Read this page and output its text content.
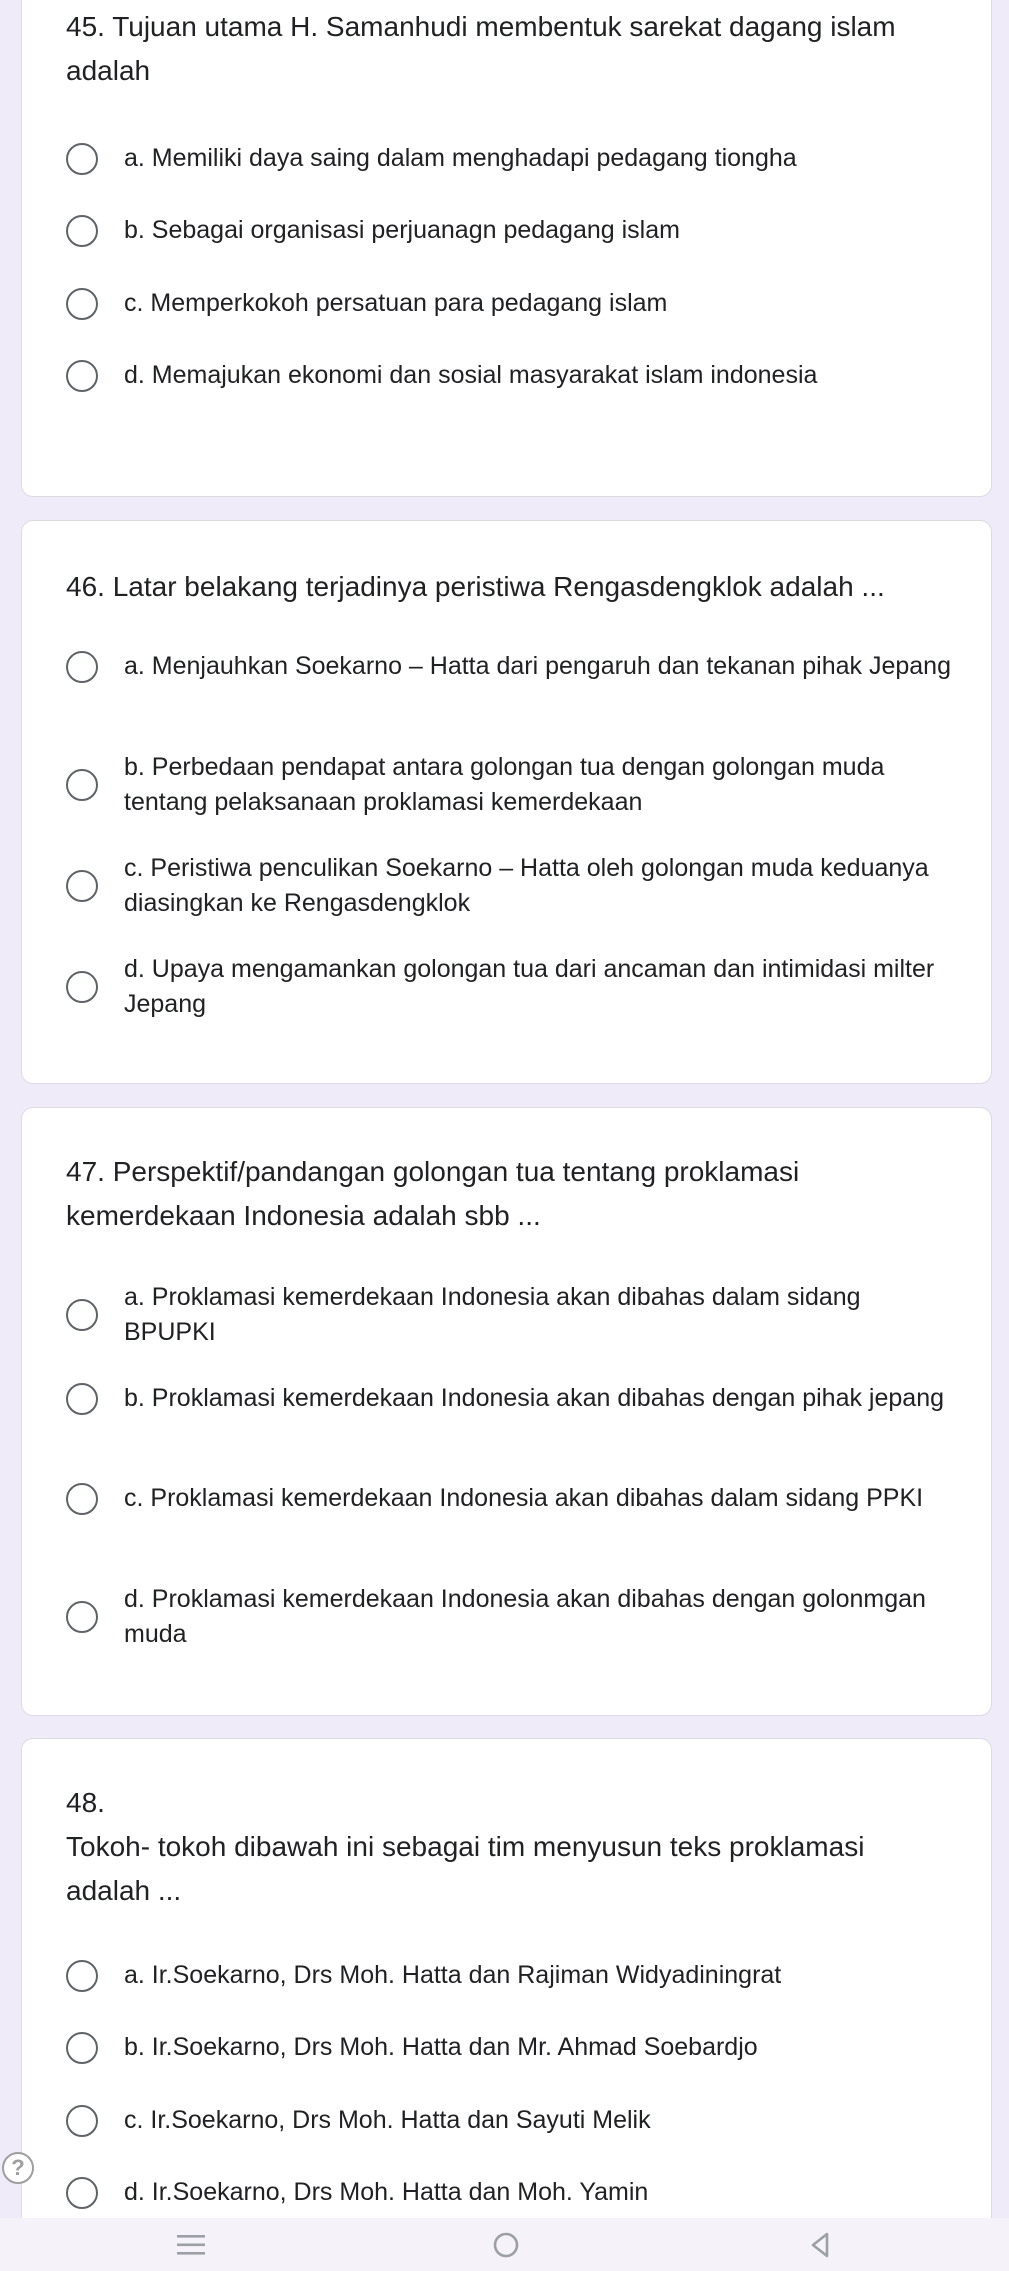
45. Tujuan utama H. Samanhudi membentuk sarekat dagang islam adalah
a. Memiliki daya saing dalam menghadapi pedagang tiongha
b. Sebagai organisasi perjuanagn pedagang islam
c. Memperkokoh persatuan para pedagang islam
d. Memajukan ekonomi dan sosial masyarakat islam indonesia
46. Latar belakang terjadinya peristiwa Rengasdengklok adalah ...
a. Menjauhkan Soekarno – Hatta dari pengaruh dan tekanan pihak Jepang
b. Perbedaan pendapat antara golongan tua dengan golongan muda tentang pelaksanaan proklamasi kemerdekaan
c. Peristiwa penculikan Soekarno – Hatta oleh golongan muda keduanya diasingkan ke Rengasdengklok
d. Upaya mengamankan golongan tua dari ancaman dan intimidasi milter Jepang
47. Perspektif/pandangan golongan tua tentang proklamasi kemerdekaan Indonesia adalah sbb ...
a. Proklamasi kemerdekaan Indonesia akan dibahas dalam sidang BPUPKI
b. Proklamasi kemerdekaan Indonesia akan dibahas dengan pihak jepang
c. Proklamasi kemerdekaan Indonesia akan dibahas dalam sidang PPKI
d. Proklamasi kemerdekaan Indonesia akan dibahas dengan golonmgan muda
48.
Tokoh- tokoh dibawah ini sebagai tim menyusun teks proklamasi adalah ...
a. Ir.Soekarno, Drs Moh. Hatta dan Rajiman Widyadiningrat
b. Ir.Soekarno, Drs Moh. Hatta dan Mr. Ahmad Soebardjo
c. Ir.Soekarno, Drs Moh. Hatta dan Sayuti Melik
d. Ir.Soekarno, Drs Moh. Hatta dan Moh. Yamin
?
